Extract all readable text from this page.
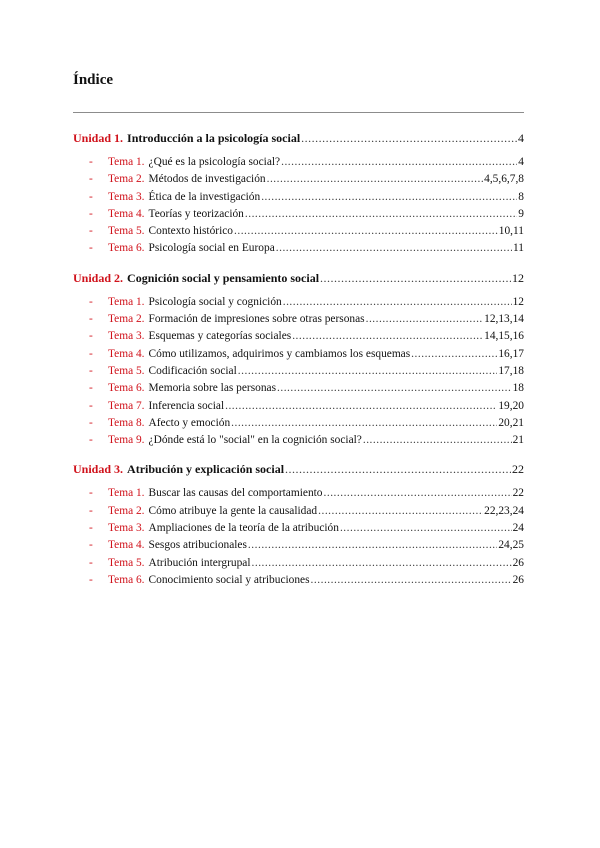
Índice
Unidad 1. Introducción a la psicología social .....	4
-	Tema 1. ¿Qué es la psicología social? .....	4
-	Tema 2. Métodos de investigación .....	4,5,6,7,8
-	Tema 3. Ética de la investigación .....	8
-	Tema 4. Teorías y teorización .....	9
-	Tema 5. Contexto histórico .....	10,11
-	Tema 6. Psicología social en Europa .....	11
Unidad 2. Cognición social y pensamiento social .....	12
-	Tema 1. Psicología social y cognición .....	12
-	Tema 2. Formación de impresiones sobre otras personas .....	12,13,14
-	Tema 3. Esquemas y categorías sociales .....	14,15,16
-	Tema 4. Cómo utilizamos, adquirimos y cambiamos los esquemas .....	16,17
-	Tema 5. Codificación social .....	17,18
-	Tema 6. Memoria sobre las personas .....	18
-	Tema 7. Inferencia social .....	19,20
-	Tema 8. Afecto y emoción .....	20,21
-	Tema 9. ¿Dónde está lo "social" en la cognición social? .....	21
Unidad 3. Atribución y explicación social .....	22
-	Tema 1. Buscar las causas del comportamiento .....	22
-	Tema 2. Cómo atribuye la gente la causalidad .....	22,23,24
-	Tema 3. Ampliaciones de la teoría de la atribución .....	24
-	Tema 4. Sesgos atribucionales .....	24,25
-	Tema 5. Atribución intergrupal .....	26
-	Tema 6. Conocimiento social y atribuciones .....	26
